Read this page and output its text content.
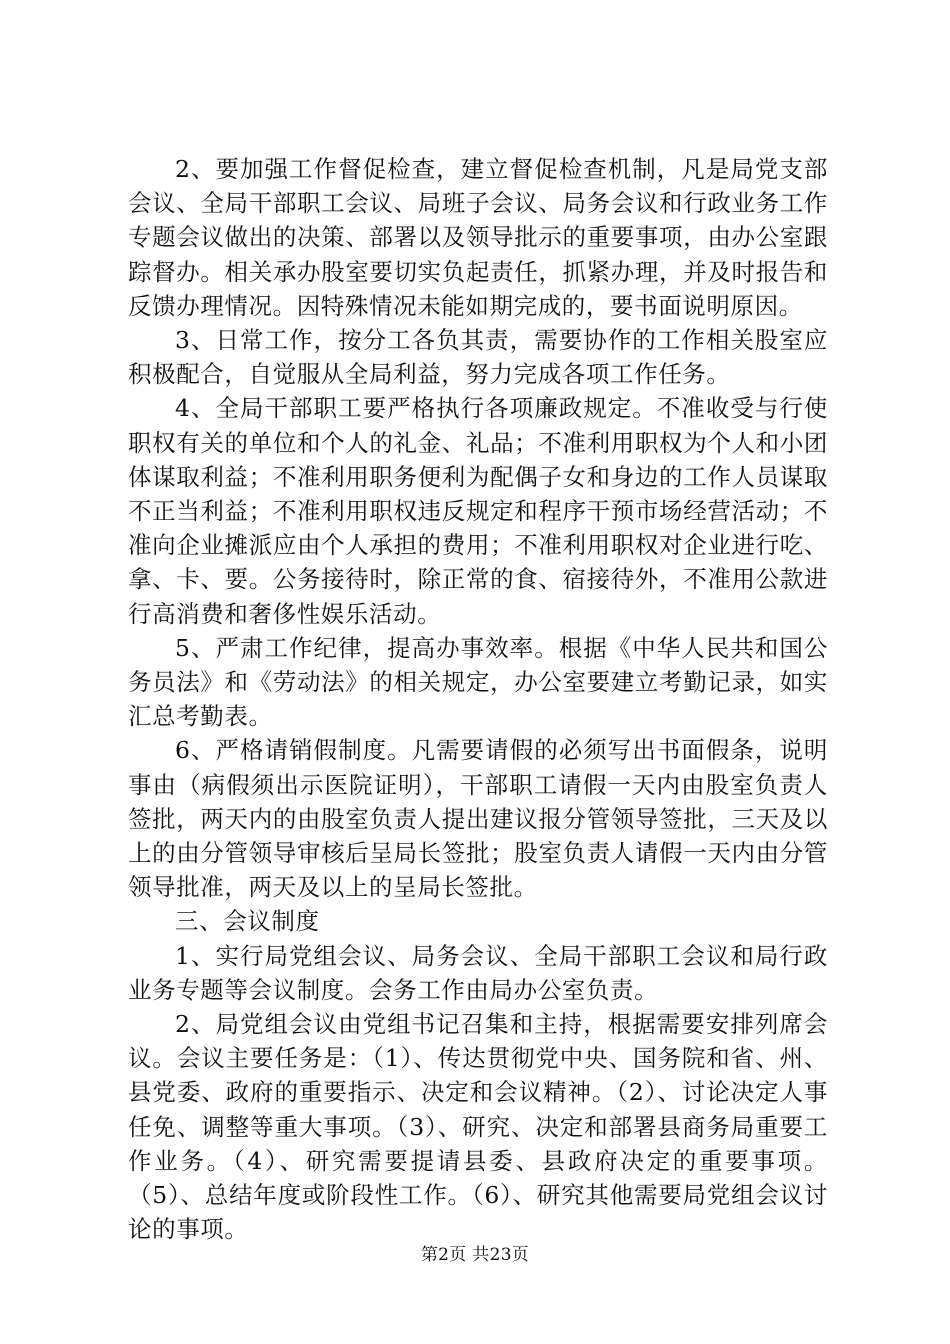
2、要加强工作督促检查，建立督促检查机制，凡是局党支部会议、全局干部职工会议、局班子会议、局务会议和行政业务工作专题会议做出的决策、部署以及领导批示的重要事项，由办公室跟踪督办。相关承办股室要切实负起责任，抓紧办理，并及时报告和反馈办理情况。因特殊情况未能如期完成的，要书面说明原因。

3、日常工作，按分工各负其责，需要协作的工作相关股室应积极配合，自觉服从全局利益，努力完成各项工作任务。

4、全局干部职工要严格执行各项廉政规定。不准收受与行使职权有关的单位和个人的礼金、礼品；不准利用职权为个人和小团体谋取利益；不准利用职务便利为配偶子女和身边的工作人员谋取不正当利益；不准利用职权违反规定和程序干预市场经营活动；不准向企业摊派应由个人承担的费用；不准利用职权对企业进行吃、拿、卡、要。公务接待时，除正常的食、宿接待外，不准用公款进行高消费和奢侈性娱乐活动。

5、严肃工作纪律，提高办事效率。根据《中华人民共和国公务员法》和《劳动法》的相关规定，办公室要建立考勤记录，如实汇总考勤表。

6、严格请销假制度。凡需要请假的必须写出书面假条，说明事由（病假须出示医院证明），干部职工请假一天内由股室负责人签批，两天内的由股室负责人提出建议报分管领导签批，三天及以上的由分管领导审核后呈局长签批；股室负责人请假一天内由分管领导批准，两天及以上的呈局长签批。

三、会议制度

1、实行局党组会议、局务会议、全局干部职工会议和局行政业务专题等会议制度。会务工作由局办公室负责。

2、局党组会议由党组书记召集和主持，根据需要安排列席会议。会议主要任务是：（1）、传达贯彻党中央、国务院和省、州、县党委、政府的重要指示、决定和会议精神。（2）、讨论决定人事任免、调整等重大事项。（3）、研究、决定和部署县商务局重要工作业务。（4）、研究需要提请县委、县政府决定的重要事项。（5）、总结年度或阶段性工作。（6）、研究其他需要局党组会议讨论的事项。

第2页 共23页
